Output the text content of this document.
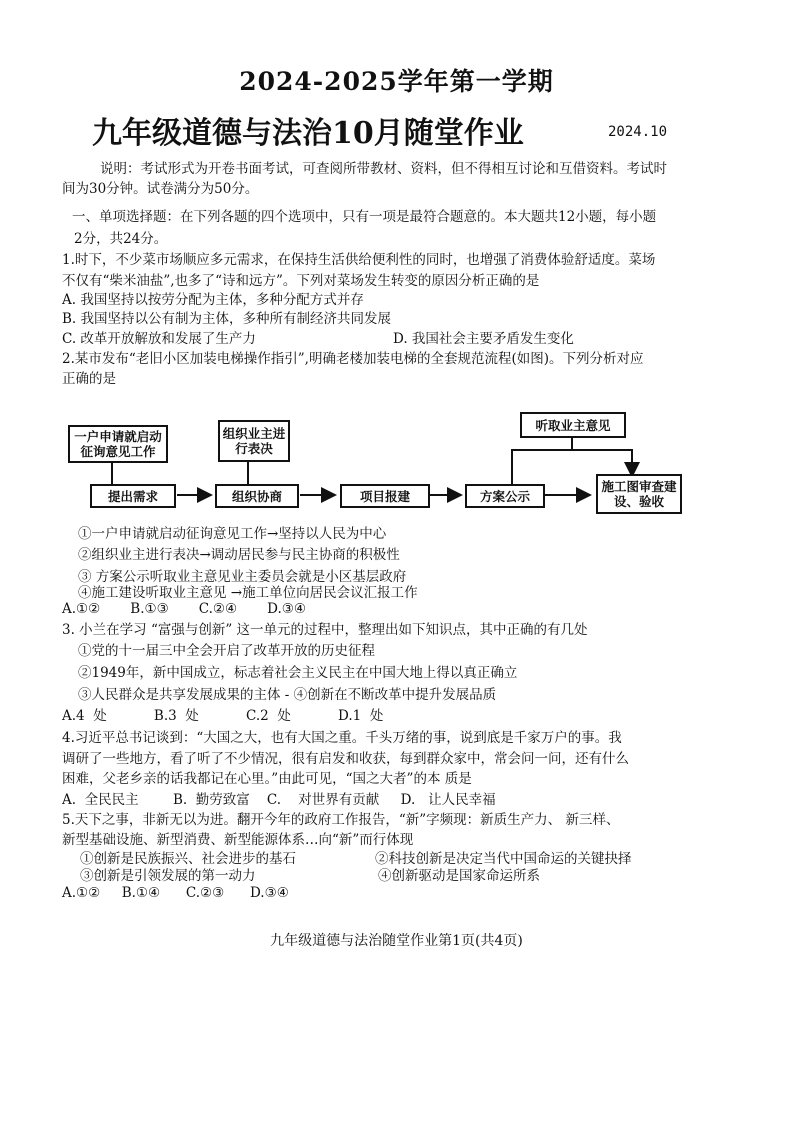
2024-2025学年第一学期
九年级道德与法治10月随堂作业	2024.10
说明：考试形式为开卷书面考试，可查阅所带教材、资料，但不得相互讨论和互借资料。考试时
间为30分钟。试卷满分为50分。
一、单项选择题：在下列各题的四个选项中，只有一项是最符合题意的。本大题共12小题，每小题
2分，共24分。
1.时下，不少菜市场顺应多元需求，在保持生活供给便利性的同时，也增强了消费体验舒适度。菜场
不仅有“柴米油盐”,也多了“诗和远方”。下列对菜场发生转变的原因分析正确的是
A. 我国坚持以按劳分配为主体，多种分配方式并存
B. 我国坚持以公有制为主体，多种所有制经济共同发展
C. 改革开放解放和发展了生产力	D. 我国社会主要矛盾发生变化
2.某市发布“老旧小区加装电梯操作指引”,明确老楼加装电梯的全套规范流程(如图)。下列分析对应
正确的是
一户申请就启动征询意见工作
组织业主进行表决
听取业主意见
提出需求	组织协商	项目报建	方案公示
施工图审查建设、验收
①一户申请就启动征询意见工作→坚持以人民为中心
②组织业主进行表决→调动居民参与民主协商的积极性
③ 方案公示听取业主意见业主委员会就是小区基层政府
④施工建设听取业主意见 →施工单位向居民会议汇报工作
A.①②       B.①③       C.②④       D.③④
3. 小兰在学习 “富强与创新” 这一单元的过程中，整理出如下知识点，其中正确的有几处
①党的十一届三中全会开启了改革开放的历史征程
②1949年，新中国成立，标志着社会主义民主在中国大地上得以真正确立
③人民群众是共享发展成果的主体 - ④创新在不断改革中提升发展品质
A.4  处           B.3  处           C.2  处           D.1  处
4.习近平总书记谈到：“大国之大，也有大国之重。千头万绪的事，说到底是千家万户的事。我
调研了一些地方，看了听了不少情况，很有启发和收获，每到群众家中，常会问一问，还有什么
困难，父老乡亲的话我都记在心里。”由此可见，“国之大者”的本 质是
A.  全民民主        B.  勤劳致富    C.    对世界有贡献     D.   让人民幸福
5.天下之事，非新无以为进。翻开今年的政府工作报告，“新”字频现：新质生产力、 新三样、
新型基础设施、新型消费、新型能源体系…向“新”而行体现
①创新是民族振兴、社会进步的基石	②科技创新是决定当代中国命运的关键抉择
③创新是引领发展的第一动力	④创新驱动是国家命运所系
A.①②     B.①④      C.②③      D.③④
九年级道德与法治随堂作业第1页(共4页)
